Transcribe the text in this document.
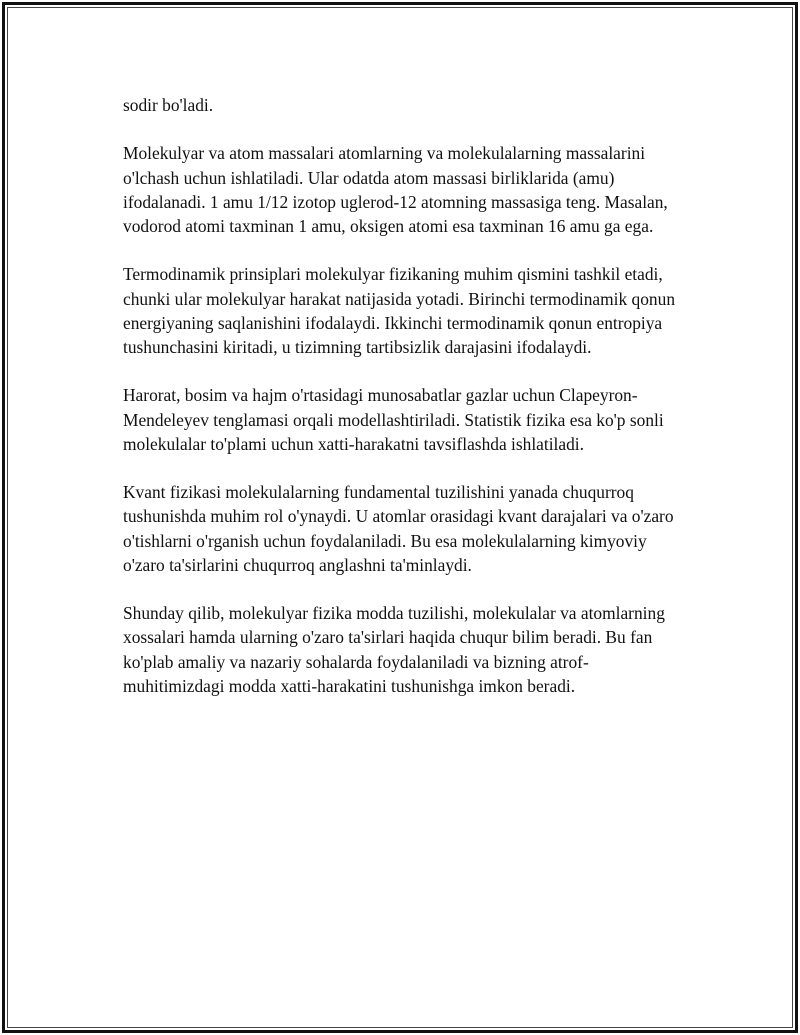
sodir bo'ladi.

Molekulyar va atom massalari atomlarning va molekulalarning massalarini o'lchash uchun ishlatiladi. Ular odatda atom massasi birliklarida (amu) ifodalanadi. 1 amu 1/12 izotop uglerod-12 atomning massasiga teng. Masalan, vodorod atomi taxminan 1 amu, oksigen atomi esa taxminan 16 amu ga ega.

Termodinamik prinsiplari molekulyar fizikaning muhim qismini tashkil etadi, chunki ular molekulyar harakat natijasida yotadi. Birinchi termodinamik qonun energiyaning saqlanishini ifodalaydi. Ikkinchi termodinamik qonun entropiya tushunchasini kiritadi, u tizimning tartibsizlik darajasini ifodalaydi.

Harorat, bosim va hajm o'rtasidagi munosabatlar gazlar uchun Clapeyron-Mendeleyev tenglamasi orqali modellashtiriladi. Statistik fizika esa ko'p sonli molekulalar to'plami uchun xatti-harakatni tavsiflashda ishlatiladi.

Kvant fizikasi molekulalarning fundamental tuzilishini yanada chuqurroq tushunishda muhim rol o'ynaydi. U atomlar orasidagi kvant darajalari va o'zaro o'tishlarni o'rganish uchun foydalaniladi. Bu esa molekulalarning kimyoviy o'zaro ta'sirlarini chuqurroq anglashni ta'minlaydi.

Shunday qilib, molekulyar fizika modda tuzilishi, molekulalar va atomlarning xossalari hamda ularning o'zaro ta'sirlari haqida chuqur bilim beradi. Bu fan ko'plab amaliy va nazariy sohalarda foydalaniladi va bizning atrof-muhitimizdagi modda xatti-harakatini tushunishga imkon beradi.
